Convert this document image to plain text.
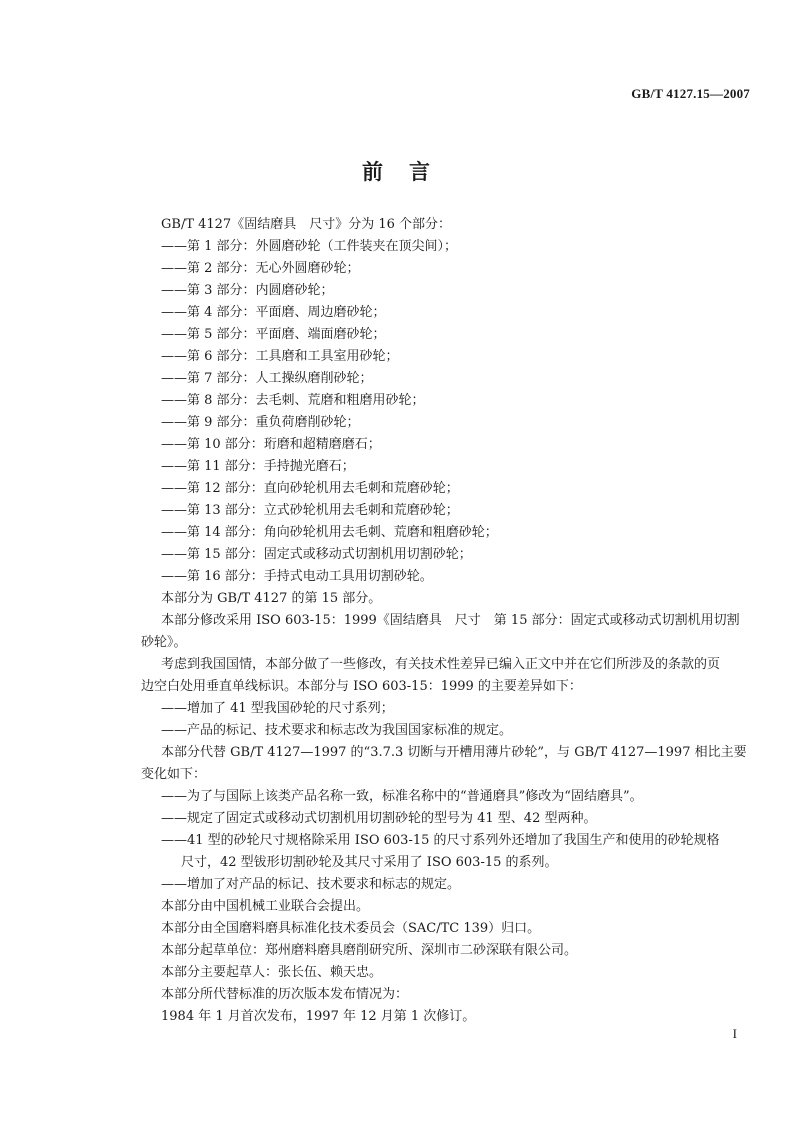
GB/T 4127.15—2007
前言
GB/T 4127《固结磨具　尺寸》分为 16 个部分：
——第 1 部分：外圆磨砂轮（工件装夹在顶尖间）；
——第 2 部分：无心外圆磨砂轮；
——第 3 部分：内圆磨砂轮；
——第 4 部分：平面磨、周边磨砂轮；
——第 5 部分：平面磨、端面磨砂轮；
——第 6 部分：工具磨和工具室用砂轮；
——第 7 部分：人工操纵磨削砂轮；
——第 8 部分：去毛刺、荒磨和粗磨用砂轮；
——第 9 部分：重负荷磨削砂轮；
——第 10 部分：珩磨和超精磨磨石；
——第 11 部分：手持抛光磨石；
——第 12 部分：直向砂轮机用去毛刺和荒磨砂轮；
——第 13 部分：立式砂轮机用去毛刺和荒磨砂轮；
——第 14 部分：角向砂轮机用去毛刺、荒磨和粗磨砂轮；
——第 15 部分：固定式或移动式切割机用切割砂轮；
——第 16 部分：手持式电动工具用切割砂轮。
本部分为 GB/T 4127 的第 15 部分。
本部分修改采用 ISO 603-15：1999《固结磨具　尺寸　第 15 部分：固定式或移动式切割机用切割
砂轮》。
考虑到我国国情，本部分做了一些修改，有关技术性差异已编入正文中并在它们所涉及的条款的页
边空白处用垂直单线标识。本部分与 ISO 603-15：1999 的主要差异如下：
——增加了 41 型我国砂轮的尺寸系列；
——产品的标记、技术要求和标志改为我国国家标准的规定。
本部分代替 GB/T 4127—1997 的“3.7.3 切断与开槽用薄片砂轮”，与 GB/T 4127—1997 相比主要
变化如下：
——为了与国际上该类产品名称一致，标准名称中的“普通磨具”修改为“固结磨具”。
——规定了固定式或移动式切割机用切割砂轮的型号为 41 型、42 型两种。
——41 型的砂轮尺寸规格除采用 ISO 603-15 的尺寸系列外还增加了我国生产和使用的砂轮规格
尺寸，42 型钹形切割砂轮及其尺寸采用了 ISO 603-15 的系列。
——增加了对产品的标记、技术要求和标志的规定。
本部分由中国机械工业联合会提出。
本部分由全国磨料磨具标准化技术委员会（SAC/TC 139）归口。
本部分起草单位：郑州磨料磨具磨削研究所、深圳市二砂深联有限公司。
本部分主要起草人：张长伍、赖天忠。
本部分所代替标准的历次版本发布情况为：
1984 年 1 月首次发布，1997 年 12 月第 1 次修订。
I
